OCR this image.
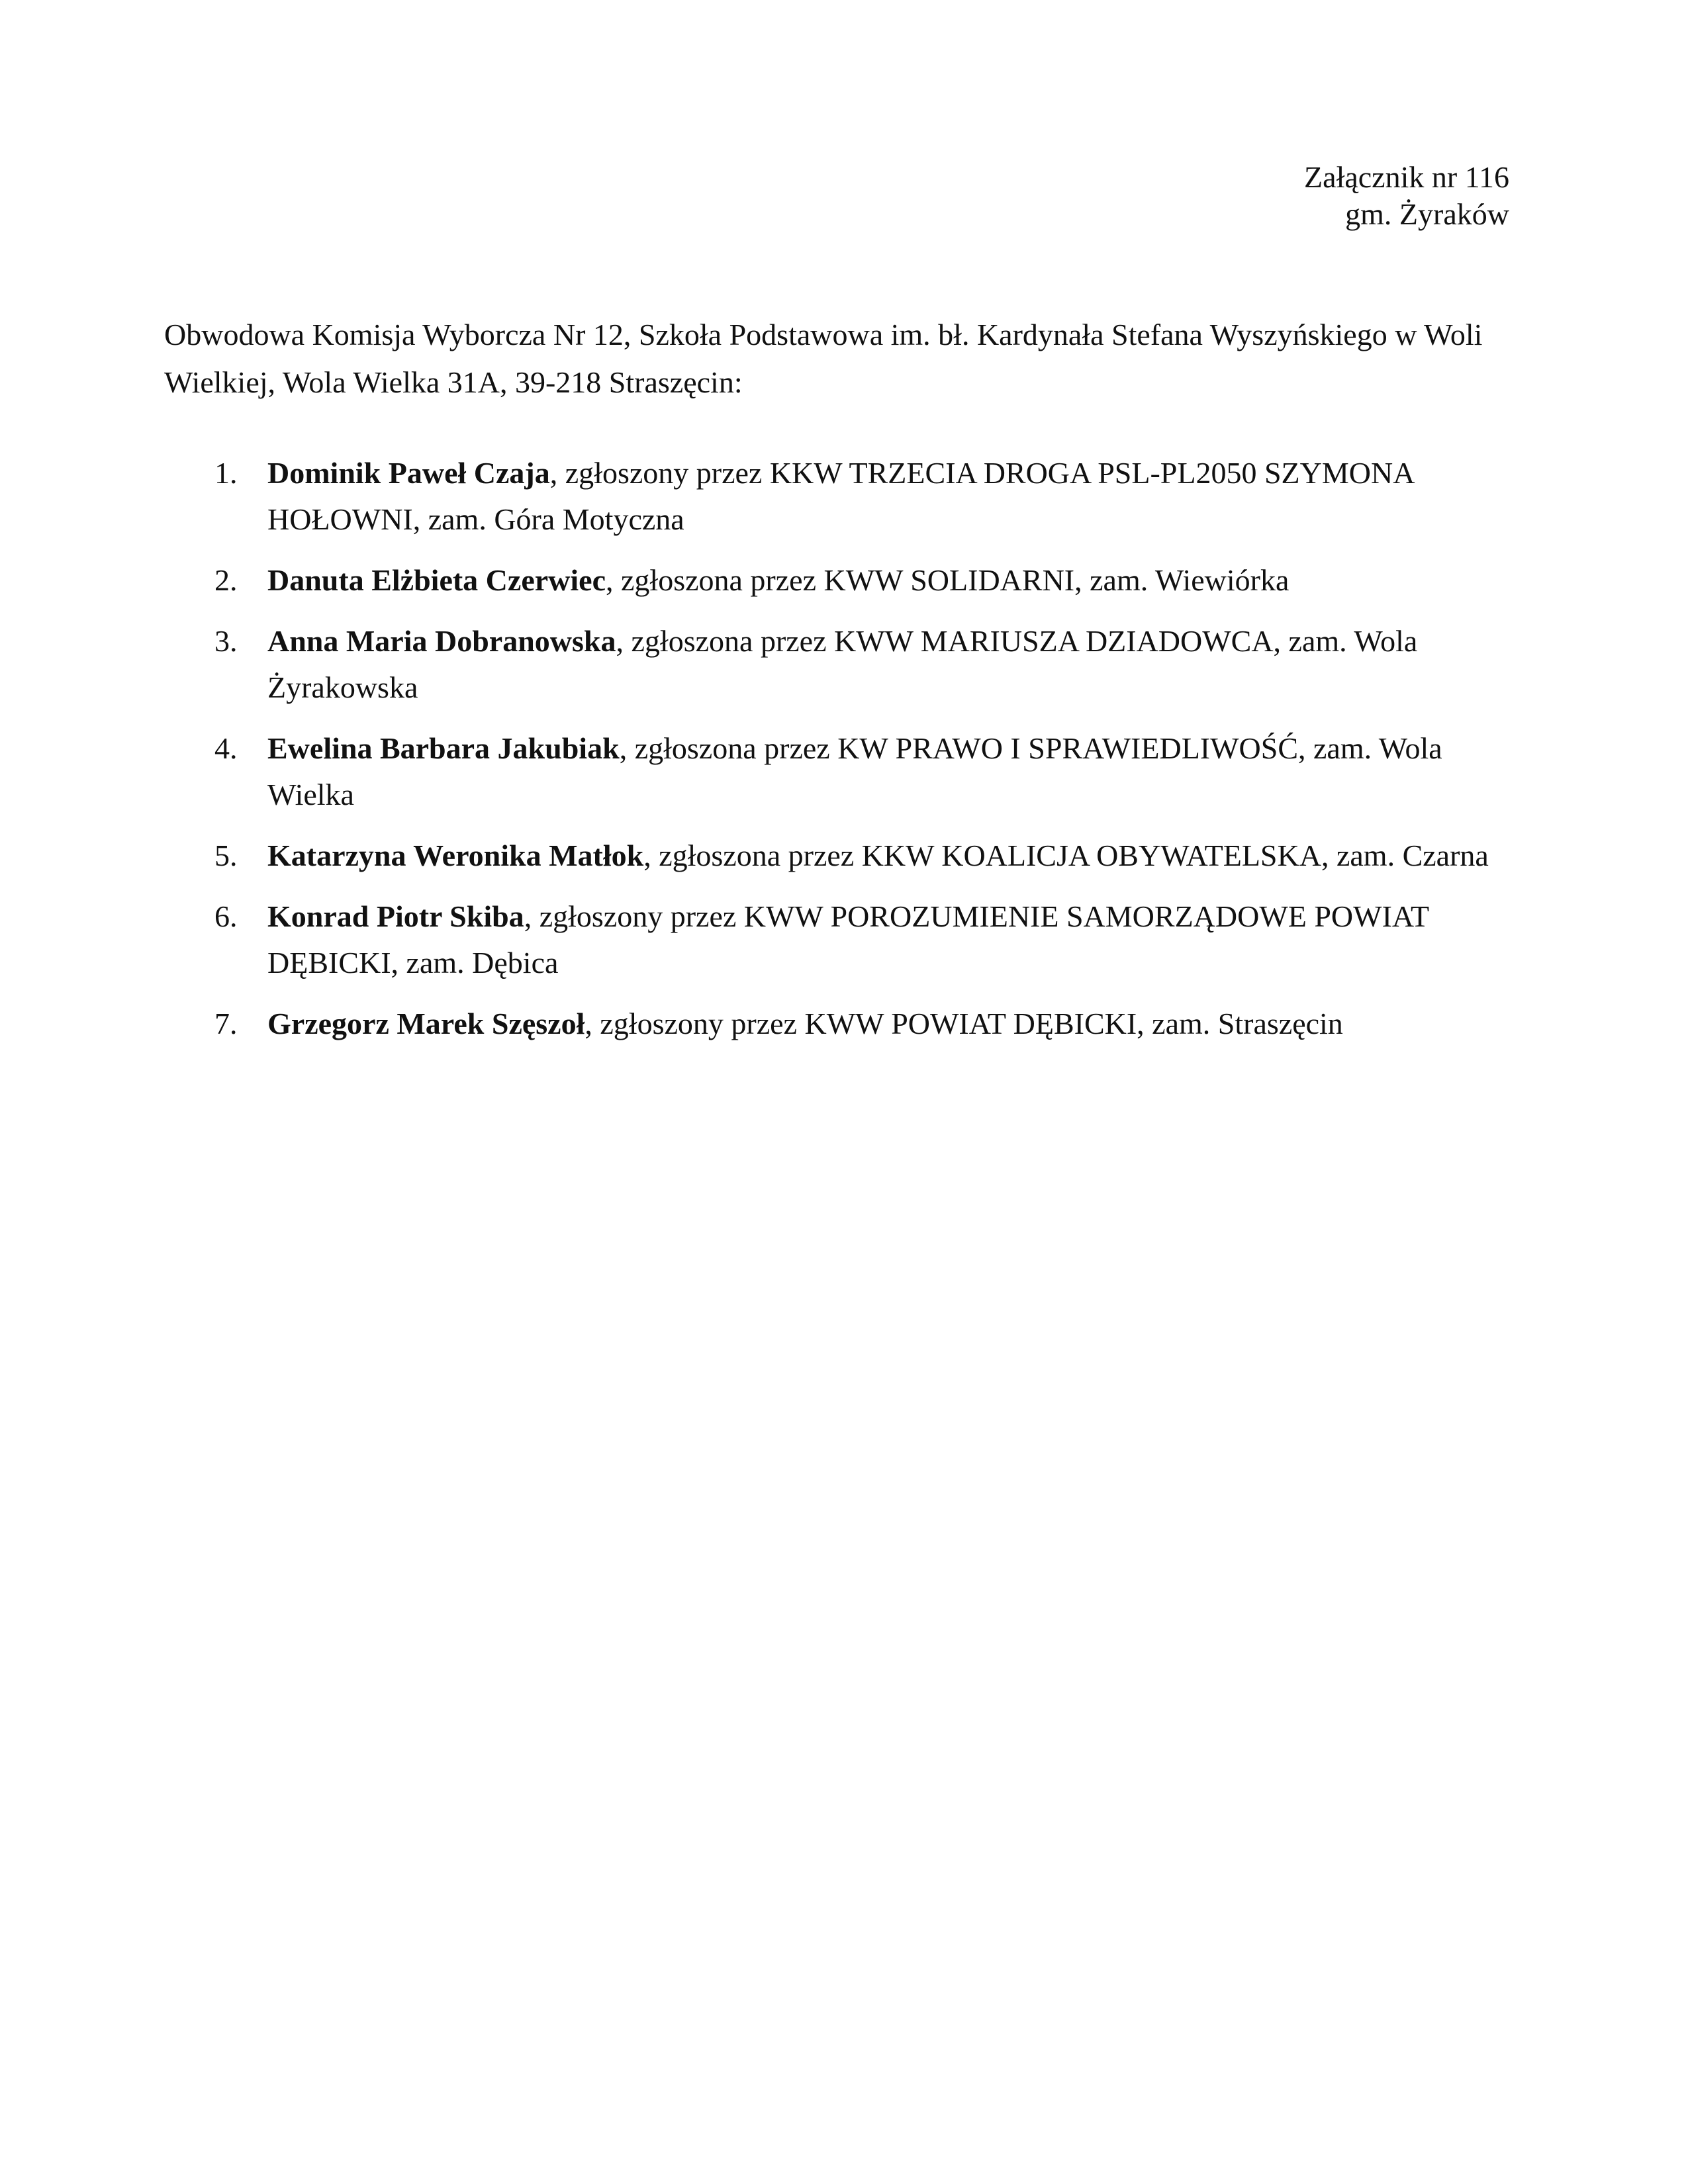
Załącznik nr 116
gm. Żyraków

Obwodowa Komisja Wyborcza Nr 12, Szkoła Podstawowa im. bł. Kardynała Stefana Wyszyńskiego w Woli Wielkiej, Wola Wielka 31A, 39-218 Straszęcin:

1. Dominik Paweł Czaja, zgłoszony przez KKW TRZECIA DROGA PSL-PL2050 SZYMONA HOŁOWNI, zam. Góra Motyczna
2. Danuta Elżbieta Czerwiec, zgłoszona przez KWW SOLIDARNI, zam. Wiewiórka
3. Anna Maria Dobranowska, zgłoszona przez KWW MARIUSZA DZIADOWCA, zam. Wola Żyrakowska
4. Ewelina Barbara Jakubiak, zgłoszona przez KW PRAWO I SPRAWIEDLIWOŚĆ, zam. Wola Wielka
5. Katarzyna Weronika Matłok, zgłoszona przez KKW KOALICJA OBYWATELSKA, zam. Czarna
6. Konrad Piotr Skiba, zgłoszony przez KWW POROZUMIENIE SAMORZĄDOWE POWIAT DĘBICKI, zam. Dębica
7. Grzegorz Marek Szęszoł, zgłoszony przez KWW POWIAT DĘBICKI, zam. Straszęcin
